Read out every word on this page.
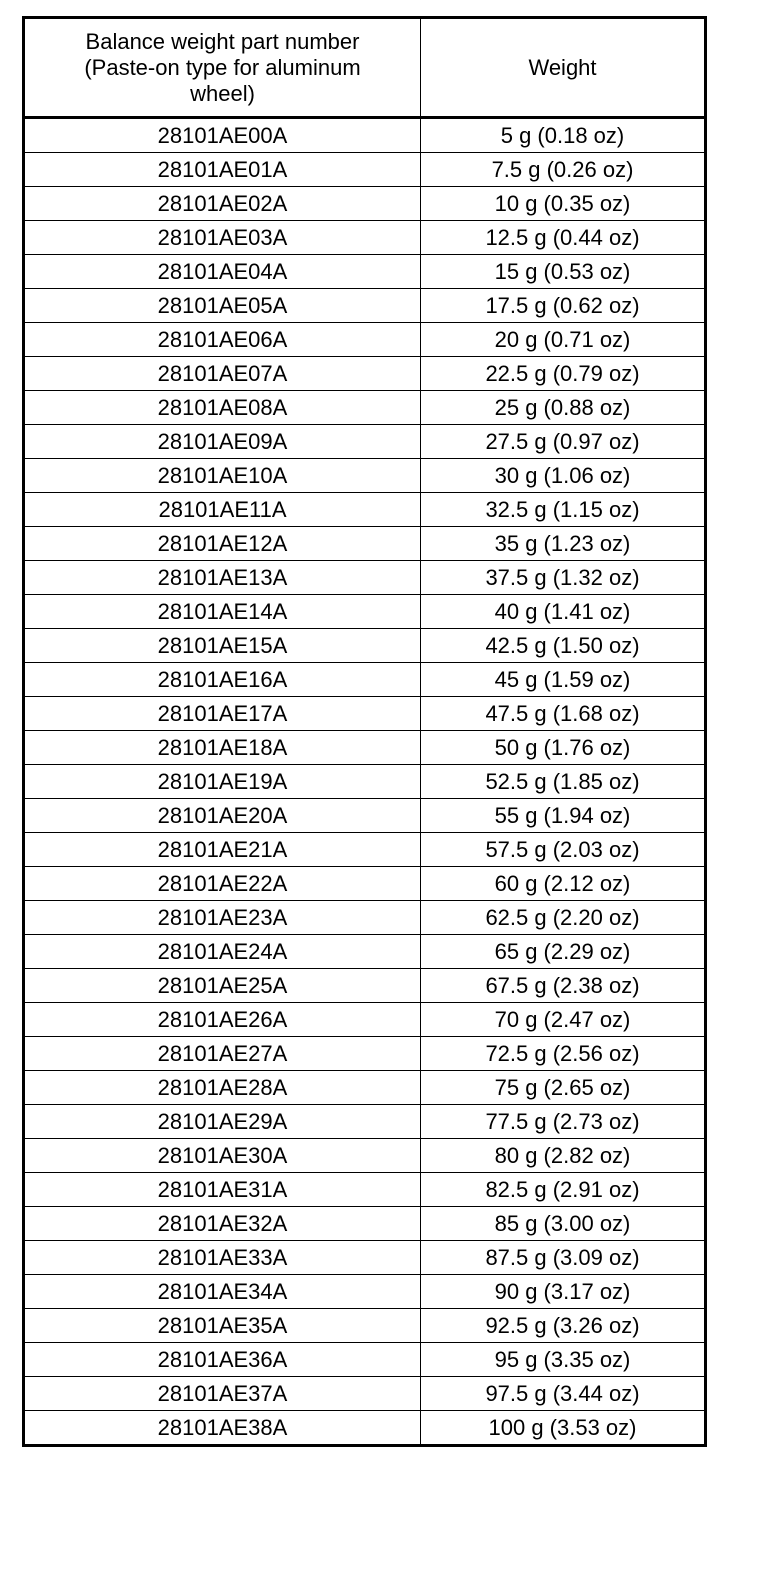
Balance weight part number
(Paste-on type for aluminum
wheel)	Weight
28101AE00A	5 g (0.18 oz)
28101AE01A	7.5 g (0.26 oz)
28101AE02A	10 g (0.35 oz)
28101AE03A	12.5 g (0.44 oz)
28101AE04A	15 g (0.53 oz)
28101AE05A	17.5 g (0.62 oz)
28101AE06A	20 g (0.71 oz)
28101AE07A	22.5 g (0.79 oz)
28101AE08A	25 g (0.88 oz)
28101AE09A	27.5 g (0.97 oz)
28101AE10A	30 g (1.06 oz)
28101AE11A	32.5 g (1.15 oz)
28101AE12A	35 g (1.23 oz)
28101AE13A	37.5 g (1.32 oz)
28101AE14A	40 g (1.41 oz)
28101AE15A	42.5 g (1.50 oz)
28101AE16A	45 g (1.59 oz)
28101AE17A	47.5 g (1.68 oz)
28101AE18A	50 g (1.76 oz)
28101AE19A	52.5 g (1.85 oz)
28101AE20A	55 g (1.94 oz)
28101AE21A	57.5 g (2.03 oz)
28101AE22A	60 g (2.12 oz)
28101AE23A	62.5 g (2.20 oz)
28101AE24A	65 g (2.29 oz)
28101AE25A	67.5 g (2.38 oz)
28101AE26A	70 g (2.47 oz)
28101AE27A	72.5 g (2.56 oz)
28101AE28A	75 g (2.65 oz)
28101AE29A	77.5 g (2.73 oz)
28101AE30A	80 g (2.82 oz)
28101AE31A	82.5 g (2.91 oz)
28101AE32A	85 g (3.00 oz)
28101AE33A	87.5 g (3.09 oz)
28101AE34A	90 g (3.17 oz)
28101AE35A	92.5 g (3.26 oz)
28101AE36A	95 g (3.35 oz)
28101AE37A	97.5 g (3.44 oz)
28101AE38A	100 g (3.53 oz)
